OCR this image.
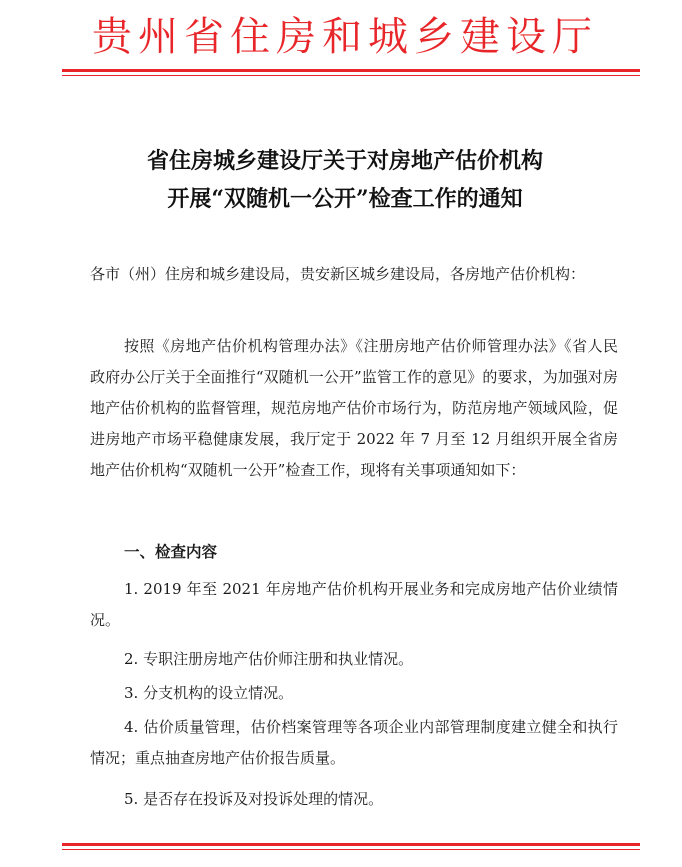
贵州省住房和城乡建设厅
省住房城乡建设厅关于对房地产估价机构
开展“双随机一公开”检查工作的通知

各市（州）住房和城乡建设局，贵安新区城乡建设局，各房地产估价机构：

按照《房地产估价机构管理办法》《注册房地产估价师管理办法》《省人民政府办公厅关于全面推行“双随机一公开”监管工作的意见》的要求，为加强对房地产估价机构的监督管理，规范房地产估价市场行为，防范房地产领域风险，促进房地产市场平稳健康发展，我厅定于 2022 年 7 月至 12 月组织开展全省房地产估价机构“双随机一公开”检查工作，现将有关事项通知如下：

一、检查内容

1. 2019 年至 2021 年房地产估价机构开展业务和完成房地产估价业绩情况。

2. 专职注册房地产估价师注册和执业情况。

3. 分支机构的设立情况。

4. 估价质量管理，估价档案管理等各项企业内部管理制度建立健全和执行情况；重点抽查房地产估价报告质量。

5. 是否存在投诉及对投诉处理的情况。
